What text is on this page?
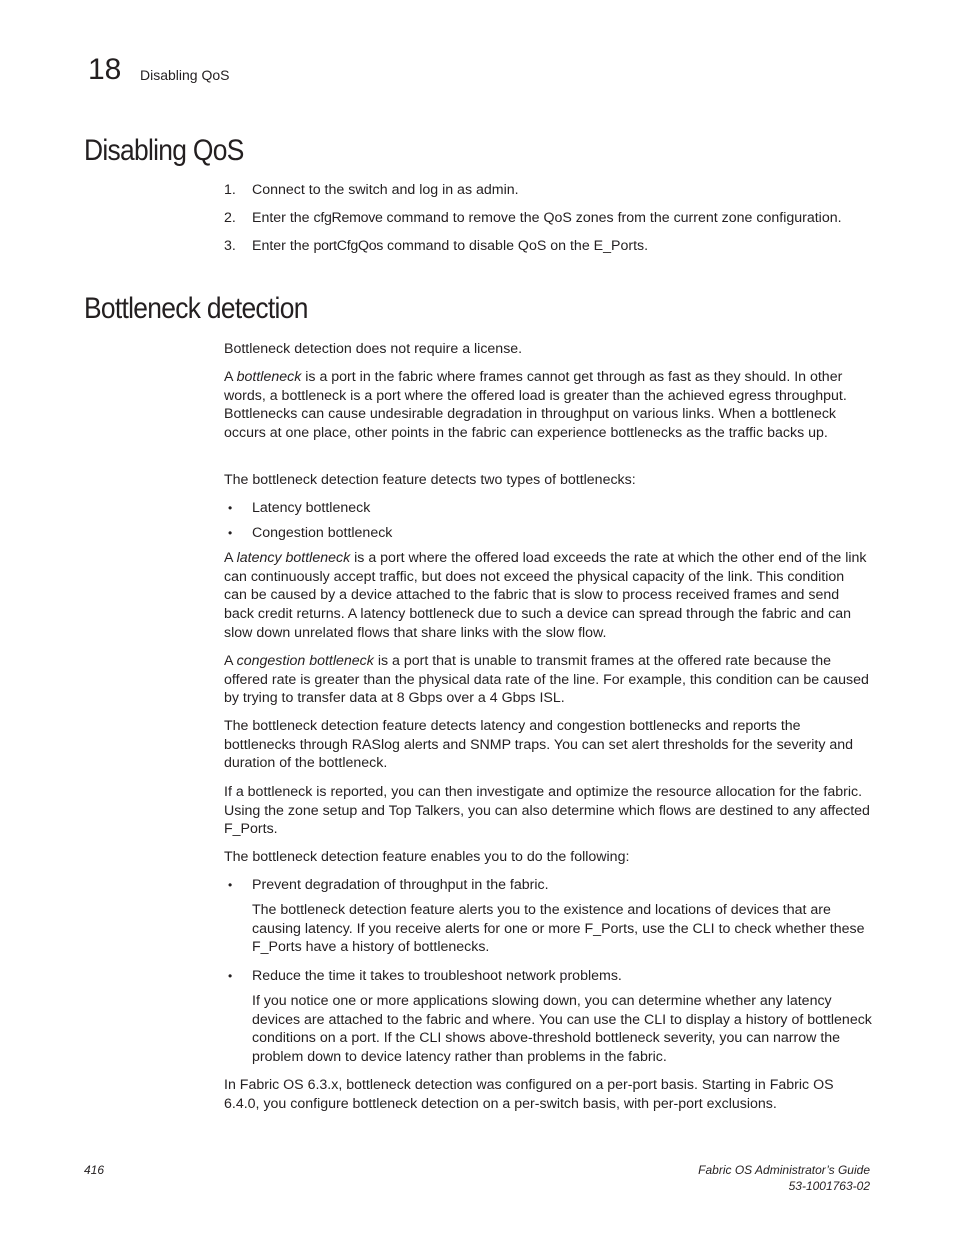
18 Disabling QoS
Disabling QoS
1. Connect to the switch and log in as admin.
2. Enter the cfgRemove command to remove the QoS zones from the current zone configuration.
3. Enter the portCfgQos command to disable QoS on the E_Ports.
Bottleneck detection

Bottleneck detection does not require a license.

A bottleneck is a port in the fabric where frames cannot get through as fast as they should. In other words, a bottleneck is a port where the offered load is greater than the achieved egress throughput. Bottlenecks can cause undesirable degradation in throughput on various links. When a bottleneck occurs at one place, other points in the fabric can experience bottlenecks as the traffic backs up.

The bottleneck detection feature detects two types of bottlenecks:

• Latency bottleneck
• Congestion bottleneck

A latency bottleneck is a port where the offered load exceeds the rate at which the other end of the link can continuously accept traffic, but does not exceed the physical capacity of the link. This condition can be caused by a device attached to the fabric that is slow to process received frames and send back credit returns. A latency bottleneck due to such a device can spread through the fabric and can slow down unrelated flows that share links with the slow flow.

A congestion bottleneck is a port that is unable to transmit frames at the offered rate because the offered rate is greater than the physical data rate of the line. For example, this condition can be caused by trying to transfer data at 8 Gbps over a 4 Gbps ISL.

The bottleneck detection feature detects latency and congestion bottlenecks and reports the bottlenecks through RASlog alerts and SNMP traps. You can set alert thresholds for the severity and duration of the bottleneck.

If a bottleneck is reported, you can then investigate and optimize the resource allocation for the fabric. Using the zone setup and Top Talkers, you can also determine which flows are destined to any affected F_Ports.

The bottleneck detection feature enables you to do the following:

• Prevent degradation of throughput in the fabric.
The bottleneck detection feature alerts you to the existence and locations of devices that are causing latency. If you receive alerts for one or more F_Ports, use the CLI to check whether these F_Ports have a history of bottlenecks.
• Reduce the time it takes to troubleshoot network problems.
If you notice one or more applications slowing down, you can determine whether any latency devices are attached to the fabric and where. You can use the CLI to display a history of bottleneck conditions on a port. If the CLI shows above-threshold bottleneck severity, you can narrow the problem down to device latency rather than problems in the fabric.

In Fabric OS 6.3.x, bottleneck detection was configured on a per-port basis. Starting in Fabric OS 6.4.0, you configure bottleneck detection on a per-switch basis, with per-port exclusions.

416	Fabric OS Administrator’s Guide
53-1001763-02
